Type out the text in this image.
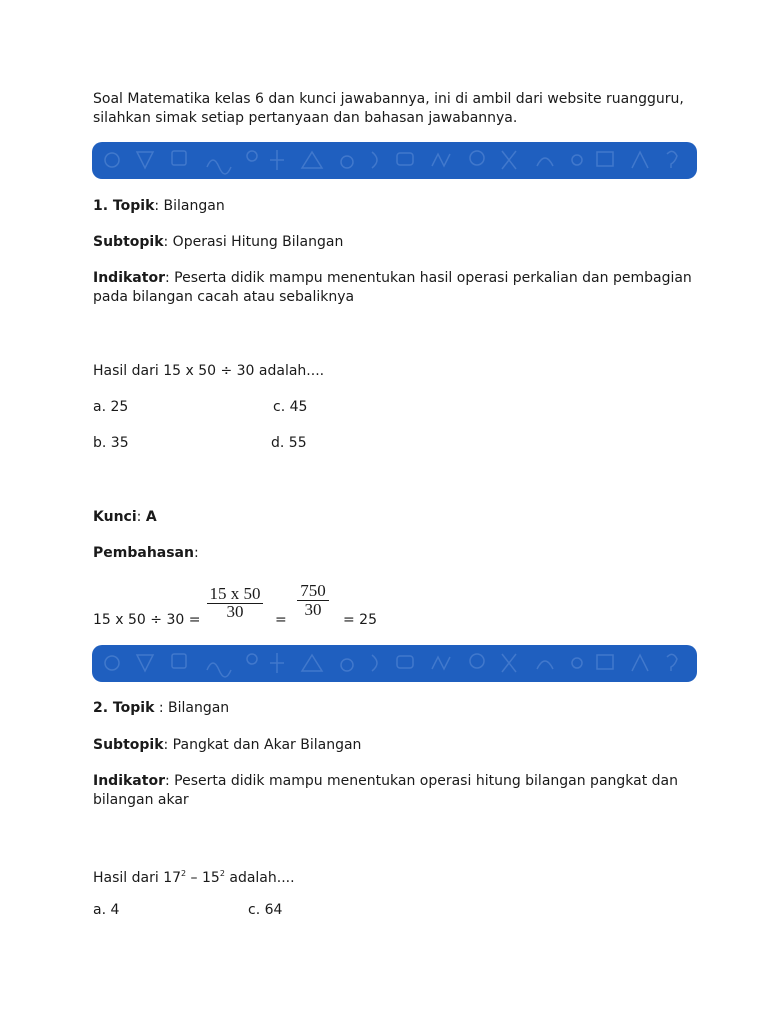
Soal Matematika kelas 6 dan kunci jawabannya, ini di ambil dari website ruangguru,
silahkan simak setiap pertanyaan dan bahasan jawabannya.
1. Topik: Bilangan
Subtopik: Operasi Hitung Bilangan
Indikator: Peserta didik mampu menentukan hasil operasi perkalian dan pembagian
pada bilangan cacah atau sebaliknya
Hasil dari 15 x 50 ÷ 30 adalah....
a. 25	c. 45
b. 35	d. 55
Kunci: A
Pembahasan:
15 x 50 ÷ 30 =
15 x 50
30	=
750
30
= 25
2. Topik : Bilangan
Subtopik: Pangkat dan Akar Bilangan
Indikator: Peserta didik mampu menentukan operasi hitung bilangan pangkat dan
bilangan akar
Hasil dari $17^2 - 15^2$ adalah....
a. 4	c. 64
